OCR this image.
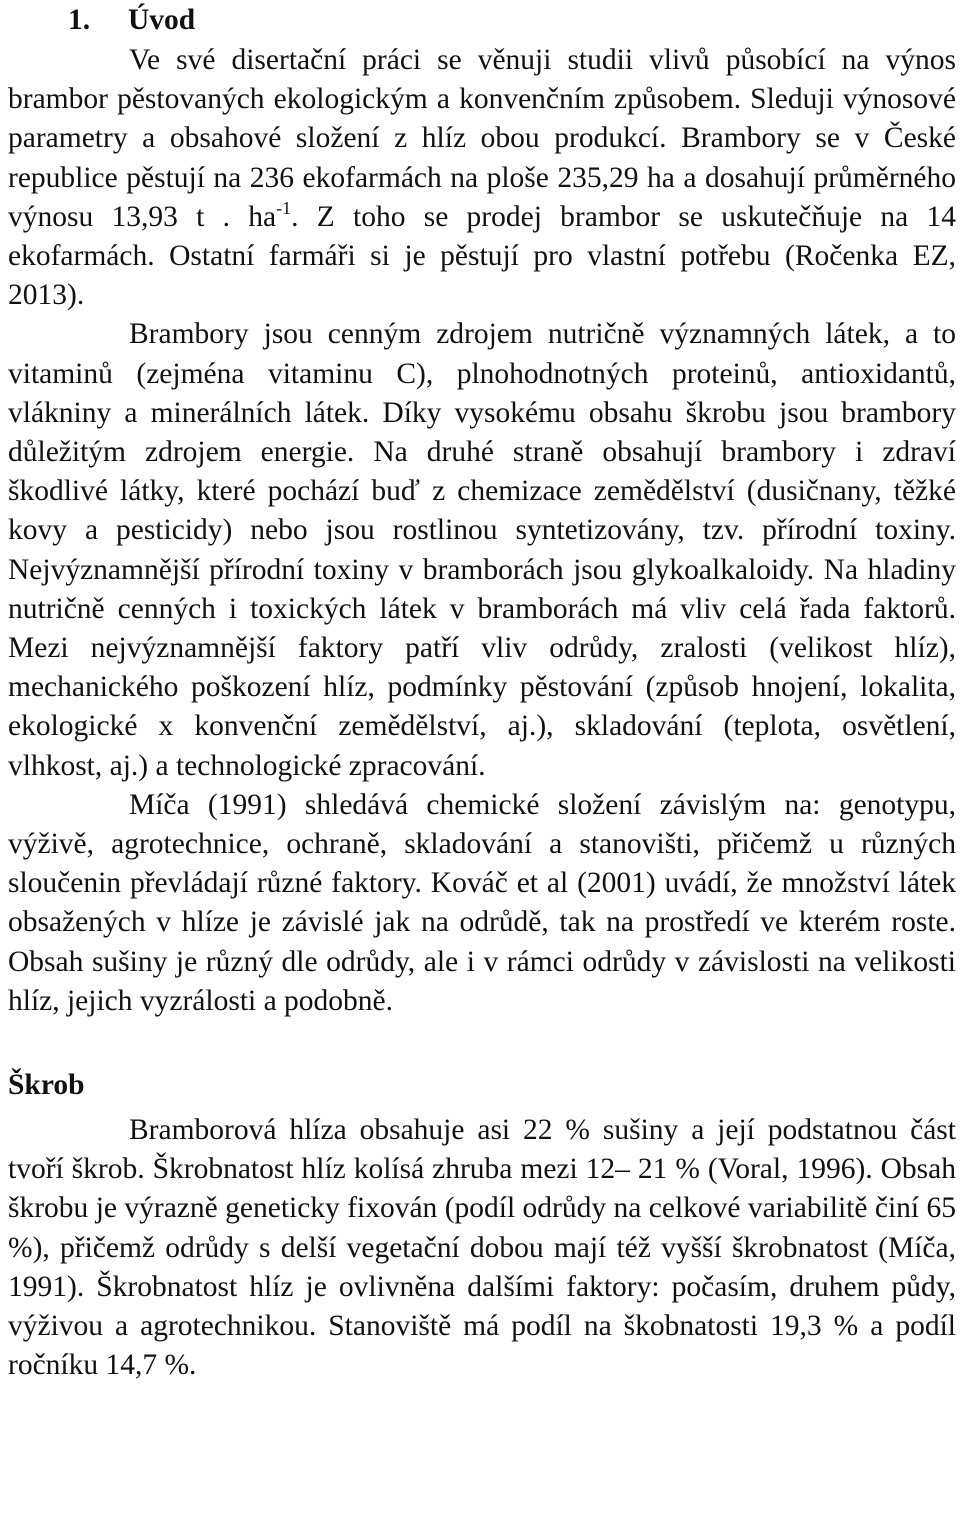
1. Úvod

Ve své disertační práci se věnuji studii vlivů působící na výnos brambor pěstovaných ekologickým a konvenčním způsobem. Sleduji výnosové parametry a obsahové složení z hlíz obou produkcí. Brambory se v České republice pěstují na 236 ekofarmách na ploše 235,29 ha a dosahují průměrného výnosu 13,93 t . $ha^{-1}$. Z toho se prodej brambor se uskutečňuje na 14 ekofarmách. Ostatní farmáři si je pěstují pro vlastní potřebu (Ročenka EZ, 2013).

Brambory jsou cenným zdrojem nutričně významných látek, a to vitaminů (zejména vitaminu C), plnohodnotných proteinů, antioxidantů, vlákniny a minerálních látek. Díky vysokému obsahu škrobu jsou brambory důležitým zdrojem energie. Na druhé straně obsahují brambory i zdraví škodlivé látky, které pochází buď z chemizace zemědělství (dusičnany, těžké kovy a pesticidy) nebo jsou rostlinou syntetizovány, tzv. přírodní toxiny. Nejvýznamnější přírodní toxiny v bramborách jsou glykoalkaloidy. Na hladiny nutričně cenných i toxických látek v bramborách má vliv celá řada faktorů. Mezi nejvýznamnější faktory patří vliv odrůdy, zralosti (velikost hlíz), mechanického poškození hlíz, podmínky pěstování (způsob hnojení, lokalita, ekologické x konvenční zemědělství, aj.), skladování (teplota, osvětlení, vlhkost, aj.) a technologické zpracování.

Míča (1991) shledává chemické složení závislým na: genotypu, výživě, agrotechnice, ochraně, skladování a stanovišti, přičemž u různých sloučenin převládají různé faktory. Kováč et al (2001) uvádí, že množství látek obsažených v hlíze je závislé jak na odrůdě, tak na prostředí ve kterém roste. Obsah sušiny je různý dle odrůdy, ale i v rámci odrůdy v závislosti na velikosti hlíz, jejich vyzrálosti a podobně.

Škrob

Bramborová hlíza obsahuje asi 22 % sušiny a její podstatnou část tvoří škrob. Škrobnatost hlíz kolísá zhruba mezi 12– 21 % (Voral, 1996). Obsah škrobu je výrazně geneticky fixován (podíl odrůdy na celkové variabilitě činí 65 %), přičemž odrůdy s delší vegetační dobou mají též vyšší škrobnatost (Míča, 1991). Škrobnatost hlíz je ovlivněna dalšími faktory: počasím, druhem půdy, výživou a agrotechnikou. Stanoviště má podíl na škobnatosti 19,3 % a podíl ročníku 14,7 %.
